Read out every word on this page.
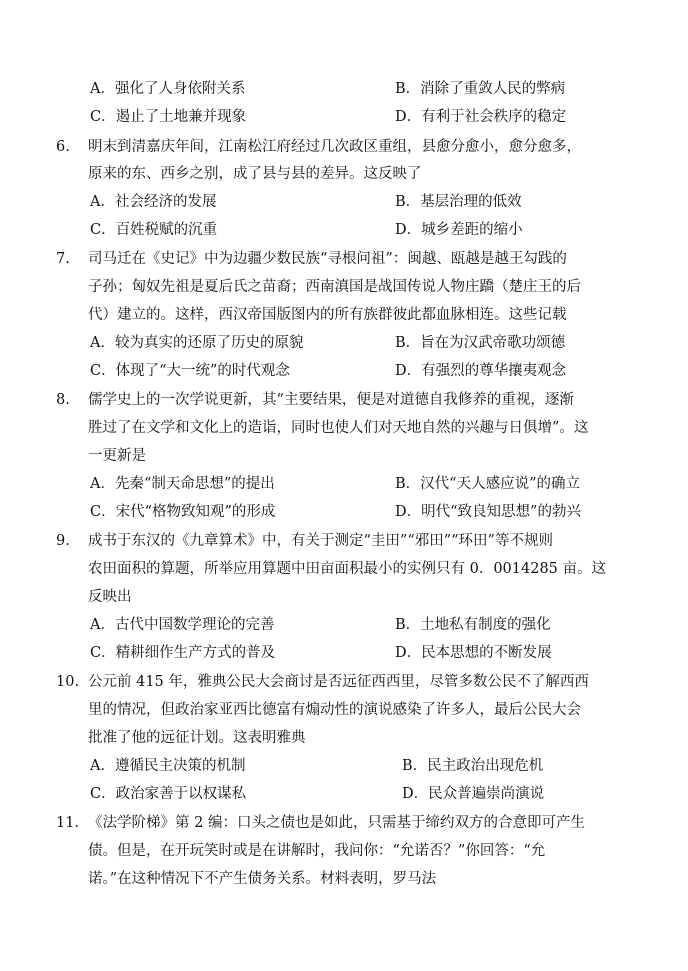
A．强化了人身依附关系	B．消除了重敛人民的弊病
C．遏止了土地兼并现象	D．有利于社会秩序的稳定
6.	明末到清嘉庆年间，江南松江府经过几次政区重组，县愈分愈小，愈分愈多，
原来的东、西乡之别，成了县与县的差异。这反映了
A．社会经济的发展	B．基层治理的低效
C．百姓税赋的沉重	D．城乡差距的缩小
7.	司马迁在《史记》中为边疆少数民族“寻根问祖”：闽越、瓯越是越王勾践的
子孙；匈奴先祖是夏后氏之苗裔；西南滇国是战国传说人物庄蹻（楚庄王的后
代）建立的。这样，西汉帝国版图内的所有族群彼此都血脉相连。这些记载
A．较为真实的还原了历史的原貌	B．旨在为汉武帝歌功颂德
C．体现了“大一统”的时代观念	D．有强烈的尊华攘夷观念
8.	儒学史上的一次学说更新，其“主要结果，便是对道德自我修养的重视，逐渐
胜过了在文学和文化上的造诣，同时也使人们对天地自然的兴趣与日俱增”。这
一更新是
A．先秦“制天命思想”的提出	B．汉代“天人感应说”的确立
C．宋代“格物致知观”的形成	D．明代“致良知思想”的勃兴
9.	成书于东汉的《九章算术》中，有关于测定“圭田”“邪田”“环田”等不规则
农田面积的算题，所举应用算题中田亩面积最小的实例只有 0．0014285 亩。这
反映出
A．古代中国数学理论的完善	B．土地私有制度的强化
C．精耕细作生产方式的普及	D．民本思想的不断发展
10. 公元前 415 年，雅典公民大会商讨是否远征西西里，尽管多数公民不了解西西
里的情况，但政治家亚西比德富有煽动性的演说感染了许多人，最后公民大会
批准了他的远征计划。这表明雅典
A．遵循民主决策的机制	B．民主政治出现危机
C．政治家善于以权谋私	D．民众普遍崇尚演说
11. 《法学阶梯》第 2 编：口头之债也是如此，只需基于缔约双方的合意即可产生
债。但是，在开玩笑时或是在讲解时，我问你：“允诺否？”你回答：“允
诺。”在这种情况下不产生债务关系。材料表明，罗马法
